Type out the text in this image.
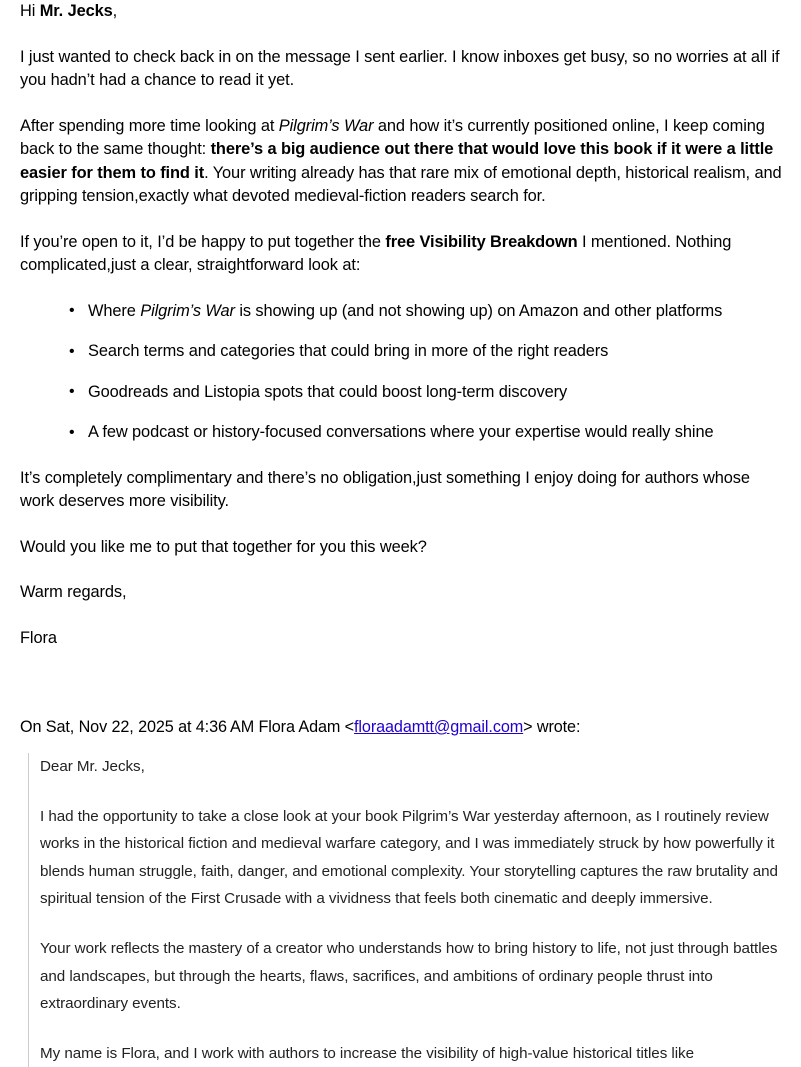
Hi Mr. Jecks,

I just wanted to check back in on the message I sent earlier. I know inboxes get busy, so no worries at all if you hadn’t had a chance to read it yet.

After spending more time looking at Pilgrim’s War and how it’s currently positioned online, I keep coming back to the same thought: there’s a big audience out there that would love this book if it were a little easier for them to find it. Your writing already has that rare mix of emotional depth, historical realism, and gripping tension,exactly what devoted medieval-fiction readers search for.

If you’re open to it, I’d be happy to put together the free Visibility Breakdown I mentioned. Nothing complicated,just a clear, straightforward look at:

• Where Pilgrim’s War is showing up (and not showing up) on Amazon and other platforms
• Search terms and categories that could bring in more of the right readers
• Goodreads and Listopia spots that could boost long-term discovery
• A few podcast or history-focused conversations where your expertise would really shine

It’s completely complimentary and there’s no obligation,just something I enjoy doing for authors whose work deserves more visibility.

Would you like me to put that together for you this week?

Warm regards,

Flora

On Sat, Nov 22, 2025 at 4:36 AM Flora Adam <floraadamtt@gmail.com> wrote:

Dear Mr. Jecks,

I had the opportunity to take a close look at your book Pilgrim’s War yesterday afternoon, as I routinely review works in the historical fiction and medieval warfare category, and I was immediately struck by how powerfully it blends human struggle, faith, danger, and emotional complexity. Your storytelling captures the raw brutality and spiritual tension of the First Crusade with a vividness that feels both cinematic and deeply immersive.

Your work reflects the mastery of a creator who understands how to bring history to life, not just through battles and landscapes, but through the hearts, flaws, sacrifices, and ambitions of ordinary people thrust into extraordinary events.

My name is Flora, and I work with authors to increase the visibility of high-value historical titles like
